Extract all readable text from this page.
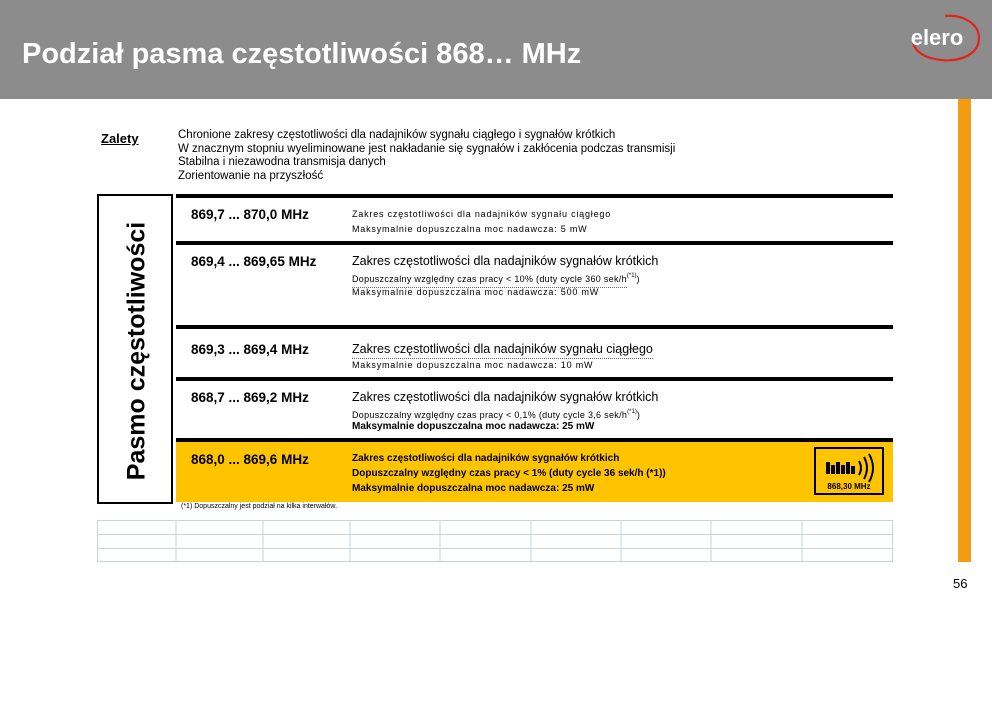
Podział pasma częstotliwości 868… MHz
elero
Zalety	Chronione zakresy częstotliwości dla nadajników sygnału ciągłego i sygnałów krótkich
W znacznym stopniu wyeliminowane jest nakładanie się sygnałów i zakłócenia podczas transmisji
Stabilna i niezawodna transmisja danych
Zorientowanie na przyszłość
Pasmo częstotliwości
869,7 ... 870,0 MHz	Zakres częstotliwości dla nadajników sygnału ciągłego
Maksymalnie dopuszczalna moc nadawcza: 5 mW
869,4 ... 869,65 MHz	Zakres częstotliwości dla nadajników sygnałów krótkich
Dopuszczalny względny czas pracy < 10% (duty cycle 360 sek/$h^{(*1)}$)
Maksymalnie dopuszczalna moc nadawcza: 500 mW
869,3 ... 869,4 MHz	Zakres częstotliwości dla nadajników sygnału ciągłego
Maksymalnie dopuszczalna moc nadawcza: 10 mW
868,7 ... 869,2 MHz	Zakres częstotliwości dla nadajników sygnałów krótkich
Dopuszczalny względny czas pracy < 0,1% (duty cycle 3,6 sek/$h^{(*1)}$)
Maksymalnie dopuszczalna moc nadawcza: 25 mW
868,0 ... 869,6 MHz	Zakres częstotliwości dla nadajników sygnałów krótkich
Dopuszczalny względny czas pracy < 1% (duty cycle 36 sek/h (*1))
Maksymalnie dopuszczalna moc nadawcza: 25 mW	868,30 MHz
(*1) Dopuszczalny jest podział na kilka interwałów.
56
